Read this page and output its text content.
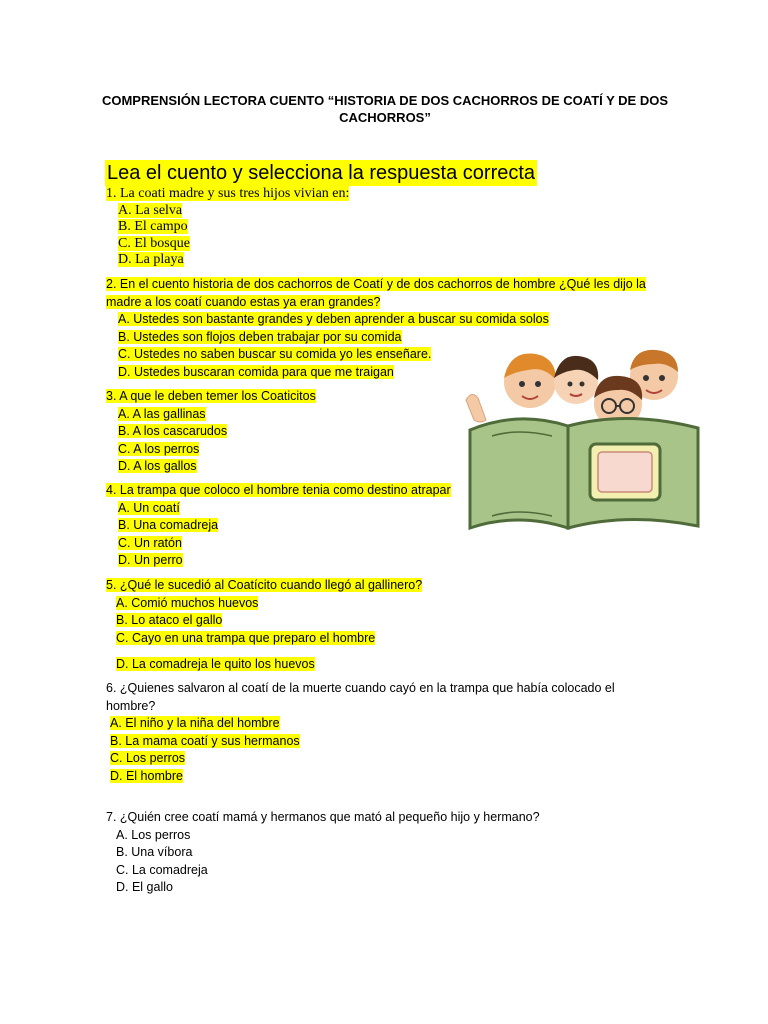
COMPRENSIÓN LECTORA CUENTO “HISTORIA DE DOS CACHORROS DE COATÍ Y DE DOS CACHORROS”
Lea el cuento y selecciona la respuesta correcta
1. La coati madre y sus tres hijos vivian en:
A. La selva
B. El campo
C. El bosque
D. La playa
2. En el cuento historia de dos cachorros de Coatí y de dos cachorros de hombre ¿Qué les dijo la
madre a los coatí cuando estas ya eran grandes?
A. Ustedes son bastante grandes y deben aprender a buscar su comida solos
B. Ustedes son flojos deben trabajar por su comida
C. Ustedes no saben buscar su comida yo les enseñare.
D. Ustedes buscaran comida para que me traigan
3. A que le deben temer los Coaticitos
A. A las gallinas
B. A los cascarudos
C. A los perros
D. A los gallos
4. La trampa que coloco el hombre tenia como destino atrapar
A. Un coatí
B. Una comadreja
C. Un ratón
D. Un perro
5. ¿Qué le sucedió al Coatícito cuando llegó al gallinero?
A. Comió muchos huevos
B. Lo ataco el gallo
C. Cayo en una trampa que preparo el hombre
D. La comadreja le quito los huevos
6. ¿Quienes salvaron al coatí de la muerte cuando cayó en la trampa que había colocado el
hombre?
A. El niño y la niña del hombre
B. La mama coatí y sus hermanos
C. Los perros
D. El hombre
7. ¿Quién cree coatí mamá y hermanos que mató al pequeño hijo y hermano?
A. Los perros
B. Una víbora
C. La comadreja
D. El gallo
